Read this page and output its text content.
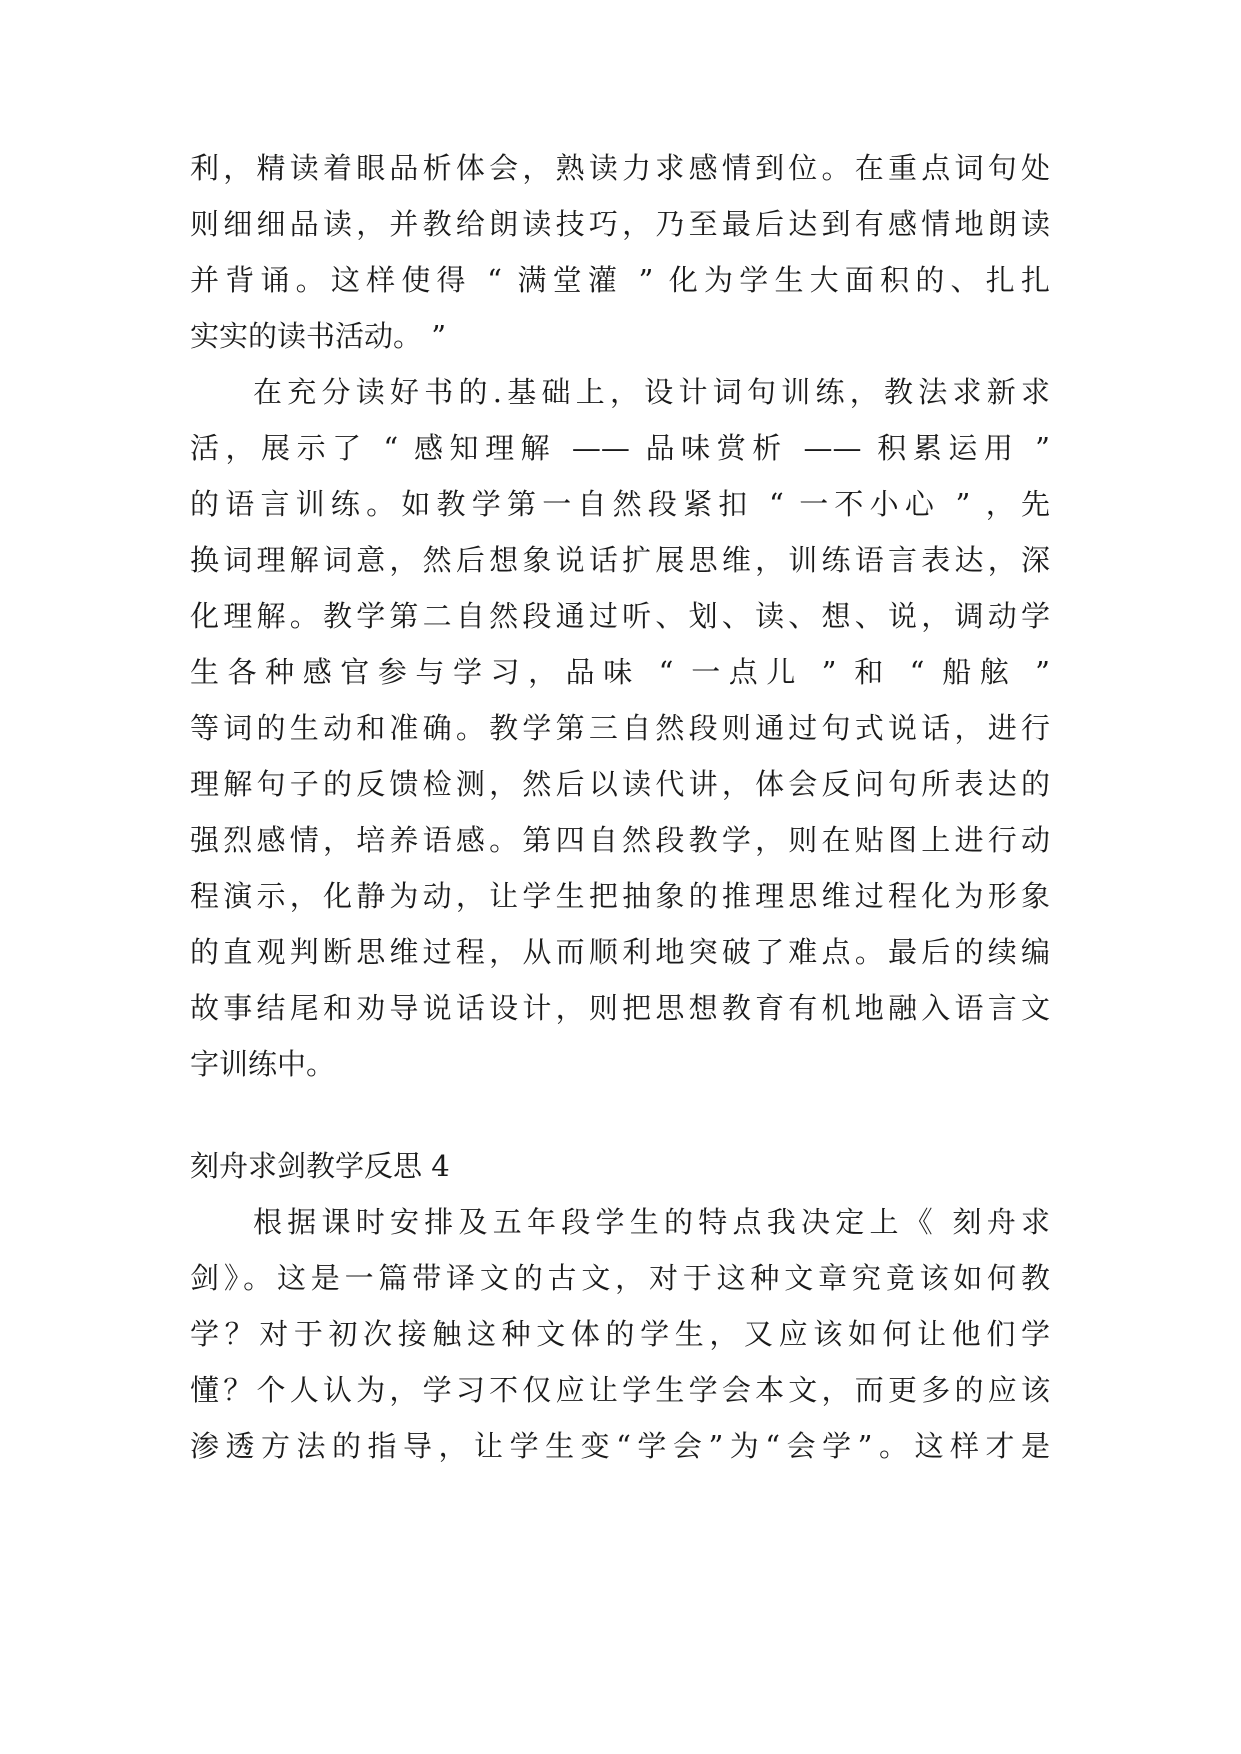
利，精读着眼品析体会，熟读力求感情到位。在重点词句处
则细细品读，并教给朗读技巧，乃至最后达到有感情地朗读
并背诵。这样使得 “ 满堂灌 ” 化为学生大面积的、扎扎
实实的读书活动。 ”
在充分读好书的.基础上，设计词句训练，教法求新求
活，展示了 “ 感知理解 —— 品味赏析 —— 积累运用 ”
的语言训练。如教学第一自然段紧扣 “ 一不小心 ” ，先
换词理解词意，然后想象说话扩展思维，训练语言表达，深
化理解。教学第二自然段通过听、划、读、想、说，调动学
生各种感官参与学习，品味 “ 一点儿 ” 和 “ 船舷 ”
等词的生动和准确。教学第三自然段则通过句式说话，进行
理解句子的反馈检测，然后以读代讲，体会反问句所表达的
强烈感情，培养语感。第四自然段教学，则在贴图上进行动
程演示，化静为动，让学生把抽象的推理思维过程化为形象
的直观判断思维过程，从而顺利地突破了难点。最后的续编
故事结尾和劝导说话设计，则把思想教育有机地融入语言文
字训练中。
刻舟求剑教学反思 4
根据课时安排及五年段学生的特点我决定上《 刻舟求
剑》。这是一篇带译文的古文，对于这种文章究竟该如何教
学？对于初次接触这种文体的学生，又应该如何让他们学
懂？个人认为，学习不仅应让学生学会本文，而更多的应该
渗透方法的指导，让学生变“学会”为“会学”。这样才是
